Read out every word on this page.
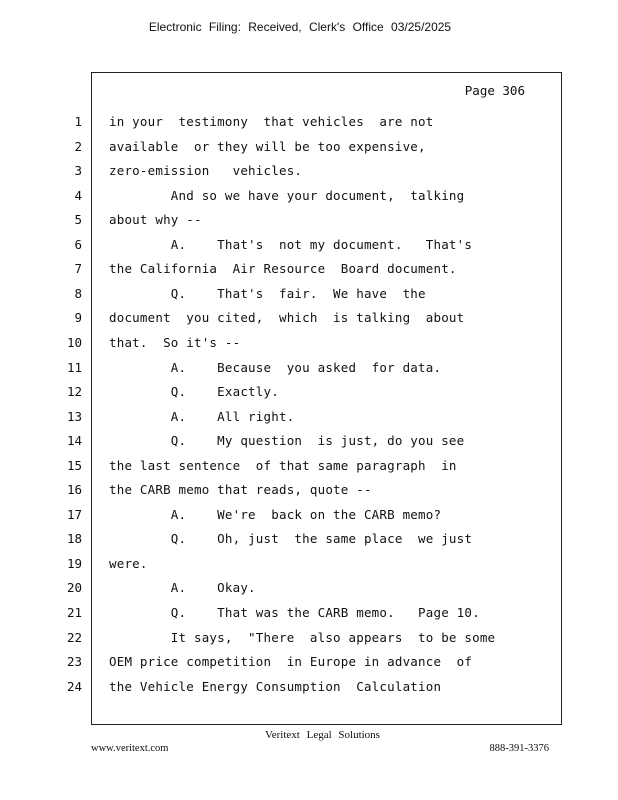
Electronic Filing: Received, Clerk's Office 03/25/2025
Page 306
1 in your  testimony  that vehicles  are not
2 available  or they will be too expensive,
3 zero-emission   vehicles.
4 And so we have your document,  talking
5 about why --
6 A.    That's  not my document.   That's
7 the California  Air Resource  Board document.
8 Q.    That's  fair.  We have  the
9 document  you cited,  which  is talking  about
10 that.  So it's --
11 A.    Because  you asked  for data.
12 Q.    Exactly.
13 A.    All right.
14 Q.    My question  is just, do you see
15 the last sentence  of that same paragraph  in
16 the CARB memo that reads, quote --
17 A.    We're  back on the CARB memo?
18 Q.    Oh, just  the same place  we just
19 were.
20 A.    Okay.
21 Q.    That was the CARB memo.   Page 10.
22 It says,  "There  also appears  to be some
23 OEM price competition  in Europe in advance  of
24 the Vehicle Energy Consumption  Calculation
Veritext Legal Solutions
www.veritext.com	888-391-3376
